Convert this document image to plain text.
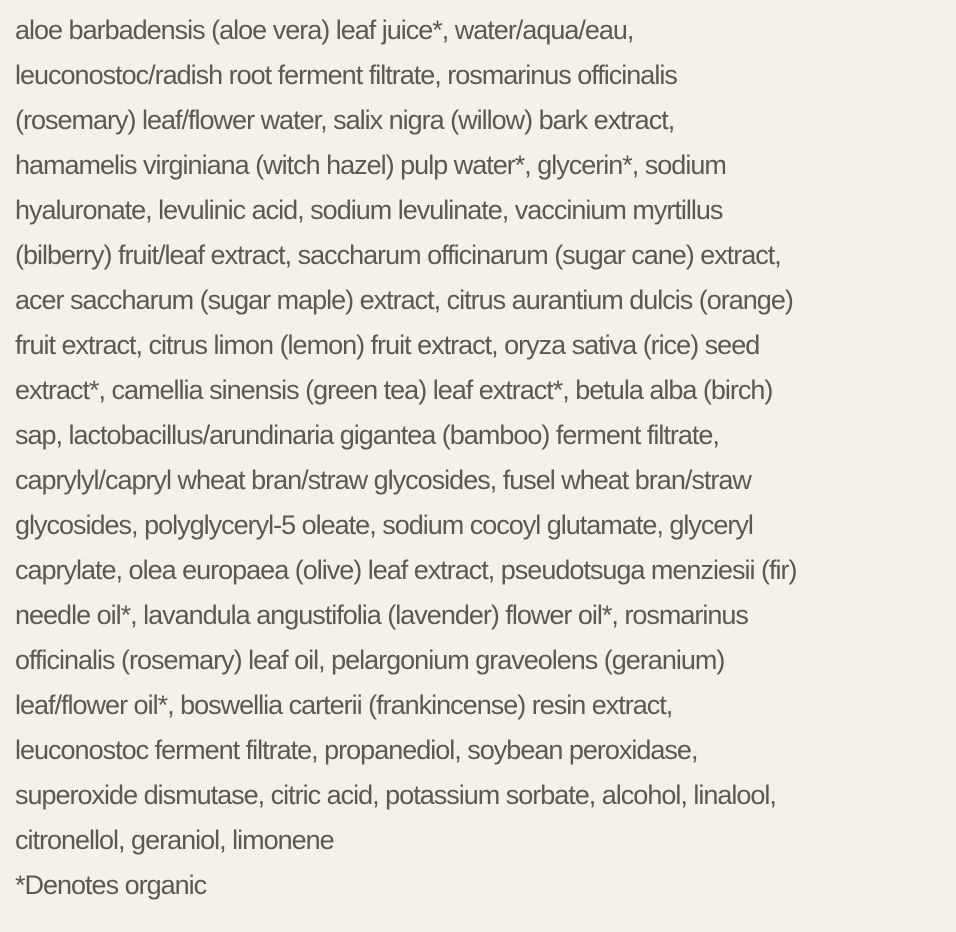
aloe barbadensis (aloe vera) leaf juice*, water/aqua/eau,
leuconostoc/radish root ferment filtrate, rosmarinus officinalis
(rosemary) leaf/flower water, salix nigra (willow) bark extract,
hamamelis virginiana (witch hazel) pulp water*, glycerin*, sodium
hyaluronate, levulinic acid, sodium levulinate, vaccinium myrtillus
(bilberry) fruit/leaf extract, saccharum officinarum (sugar cane) extract,
acer saccharum (sugar maple) extract, citrus aurantium dulcis (orange)
fruit extract, citrus limon (lemon) fruit extract, oryza sativa (rice) seed
extract*, camellia sinensis (green tea) leaf extract*, betula alba (birch)
sap, lactobacillus/arundinaria gigantea (bamboo) ferment filtrate,
caprylyl/capryl wheat bran/straw glycosides, fusel wheat bran/straw
glycosides, polyglyceryl-5 oleate, sodium cocoyl glutamate, glyceryl
caprylate, olea europaea (olive) leaf extract, pseudotsuga menziesii (fir)
needle oil*, lavandula angustifolia (lavender) flower oil*, rosmarinus
officinalis (rosemary) leaf oil, pelargonium graveolens (geranium)
leaf/flower oil*, boswellia carterii (frankincense) resin extract,
leuconostoc ferment filtrate, propanediol, soybean peroxidase,
superoxide dismutase, citric acid, potassium sorbate, alcohol, linalool,
citronellol, geraniol, limonene
*Denotes organic
